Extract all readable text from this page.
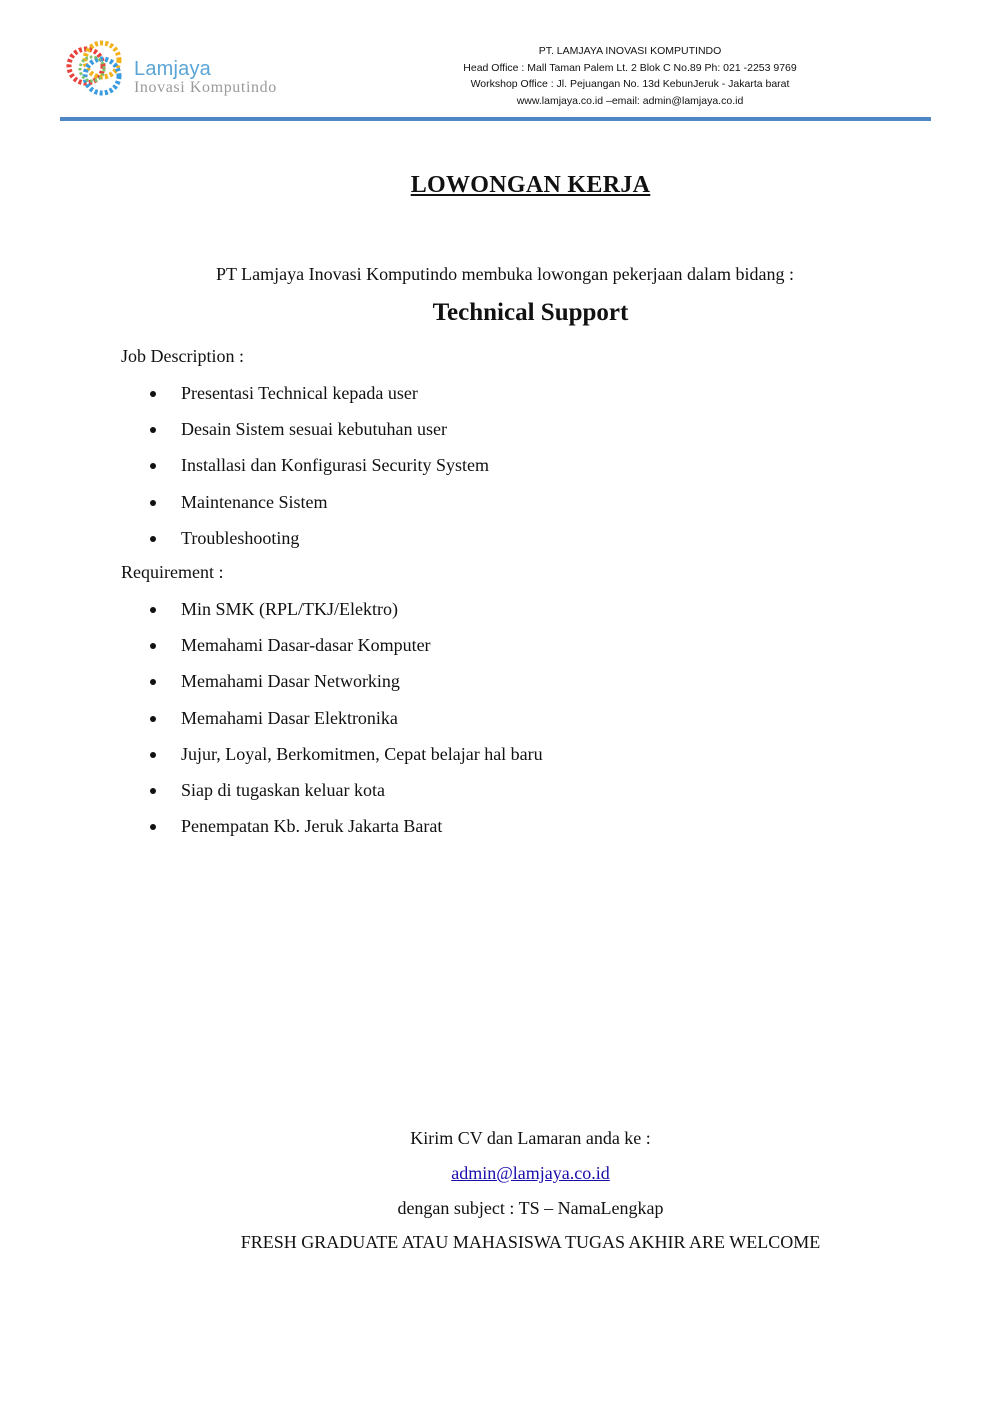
Lamjaya
Inovasi Komputindo
PT. LAMJAYA INOVASI KOMPUTINDO
Head Office : Mall Taman Palem Lt. 2 Blok C No.89 Ph: 021 -2253 9769
Workshop Office : Jl. Pejuangan No. 13d KebunJeruk - Jakarta barat
www.lamjaya.co.id –email: admin@lamjaya.co.id
LOWONGAN KERJA
PT Lamjaya Inovasi Komputindo membuka lowongan pekerjaan dalam bidang :
Technical Support
Job Description :
Presentasi Technical kepada user
Desain Sistem sesuai kebutuhan user
Installasi dan Konfigurasi Security System
Maintenance Sistem
Troubleshooting
Requirement :
Min SMK (RPL/TKJ/Elektro)
Memahami Dasar-dasar Komputer
Memahami Dasar Networking
Memahami Dasar Elektronika
Jujur, Loyal, Berkomitmen, Cepat belajar hal baru
Siap di tugaskan keluar kota
Penempatan Kb. Jeruk Jakarta Barat
Kirim CV dan Lamaran anda ke :
admin@lamjaya.co.id
dengan subject : TS – NamaLengkap
FRESH GRADUATE ATAU MAHASISWA TUGAS AKHIR ARE WELCOME
